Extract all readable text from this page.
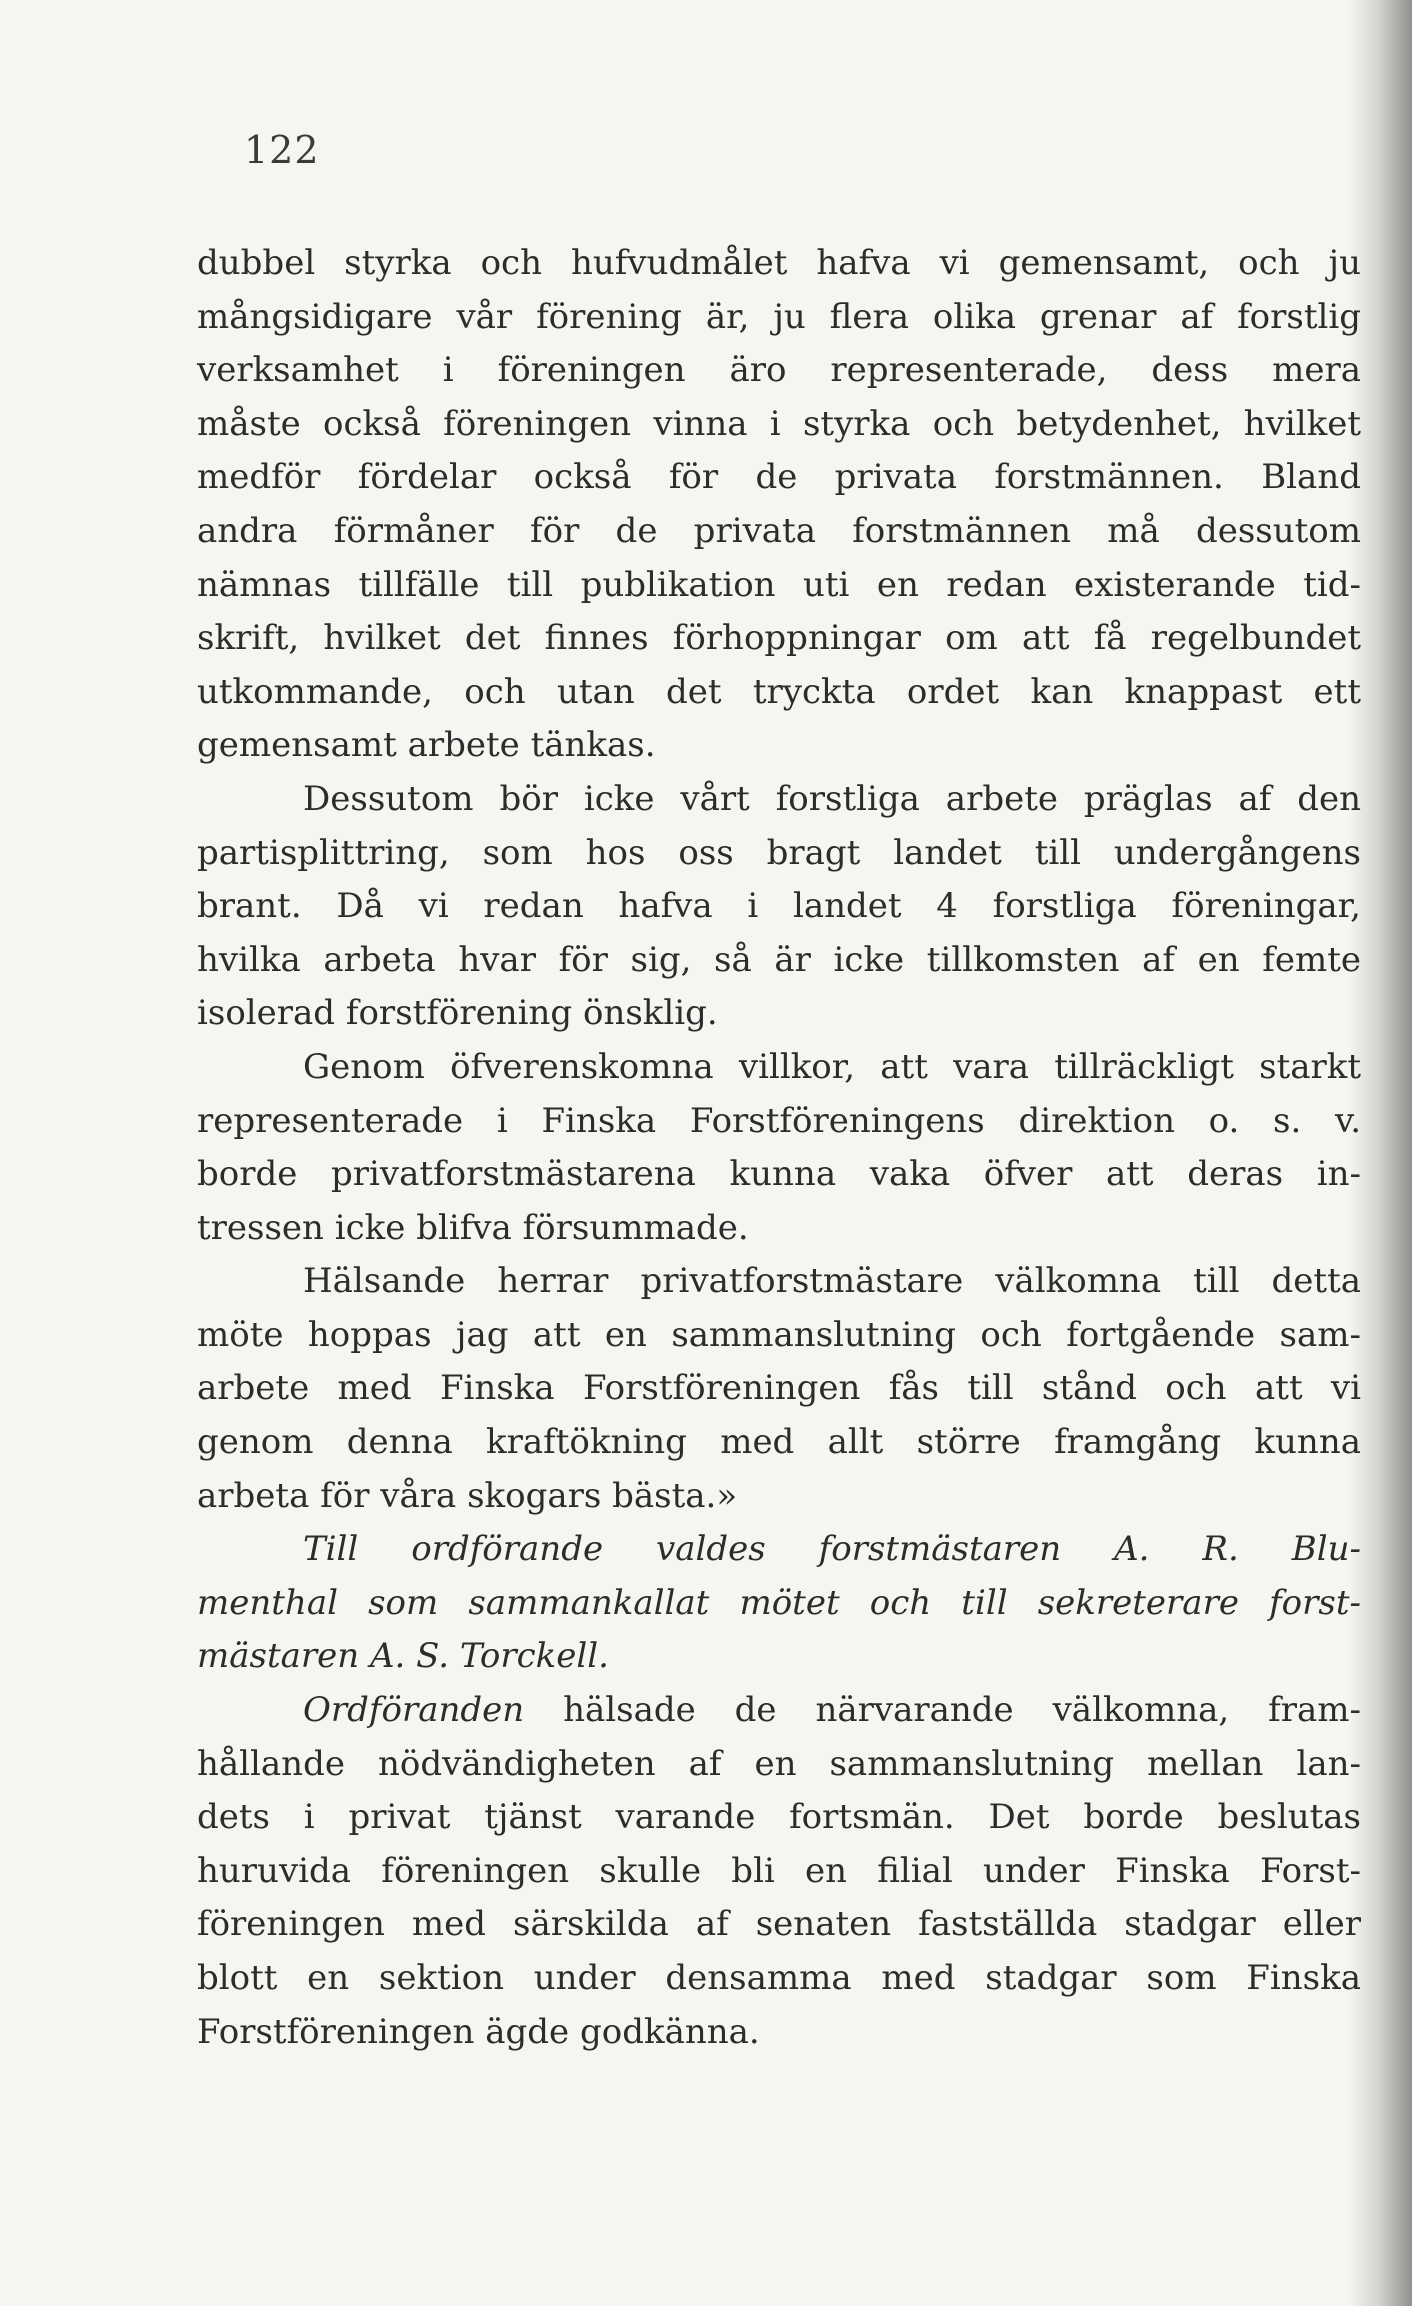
122
dubbel styrka och hufvudmålet hafva vi gemensamt, och ju
mångsidigare vår förening är, ju flera olika grenar af forstlig
verksamhet i föreningen äro representerade, dess mera
måste också föreningen vinna i styrka och betydenhet, hvilket
medför fördelar också för de privata forstmännen. Bland
andra förmåner för de privata forstmännen må dessutom
nämnas tillfälle till publikation uti en redan existerande tid-
skrift, hvilket det finnes förhoppningar om att få regelbundet
utkommande, och utan det tryckta ordet kan knappast ett
gemensamt arbete tänkas.
Dessutom bör icke vårt forstliga arbete präglas af den
partisplittring, som hos oss bragt landet till undergångens
brant. Då vi redan hafva i landet 4 forstliga föreningar,
hvilka arbeta hvar för sig, så är icke tillkomsten af en femte
isolerad forstförening önsklig.
Genom öfverenskomna villkor, att vara tillräckligt starkt
representerade i Finska Forstföreningens direktion o. s. v.
borde privatforstmästarena kunna vaka öfver att deras in-
tressen icke blifva försummade.
Hälsande herrar privatforstmästare välkomna till detta
möte hoppas jag att en sammanslutning och fortgående sam-
arbete med Finska Forstföreningen fås till stånd och att vi
genom denna kraftökning med allt större framgång kunna
arbeta för våra skogars bästa.»
Till ordförande valdes forstmästaren A. R. Blu-
menthal som sammankallat mötet och till sekreterare forst-
mästaren A. S. Torckell.
Ordföranden hälsade de närvarande välkomna, fram-
hållande nödvändigheten af en sammanslutning mellan lan-
dets i privat tjänst varande fortsmän. Det borde beslutas
huruvida föreningen skulle bli en filial under Finska Forst-
föreningen med särskilda af senaten fastställda stadgar eller
blott en sektion under densamma med stadgar som Finska
Forstföreningen ägde godkänna.
